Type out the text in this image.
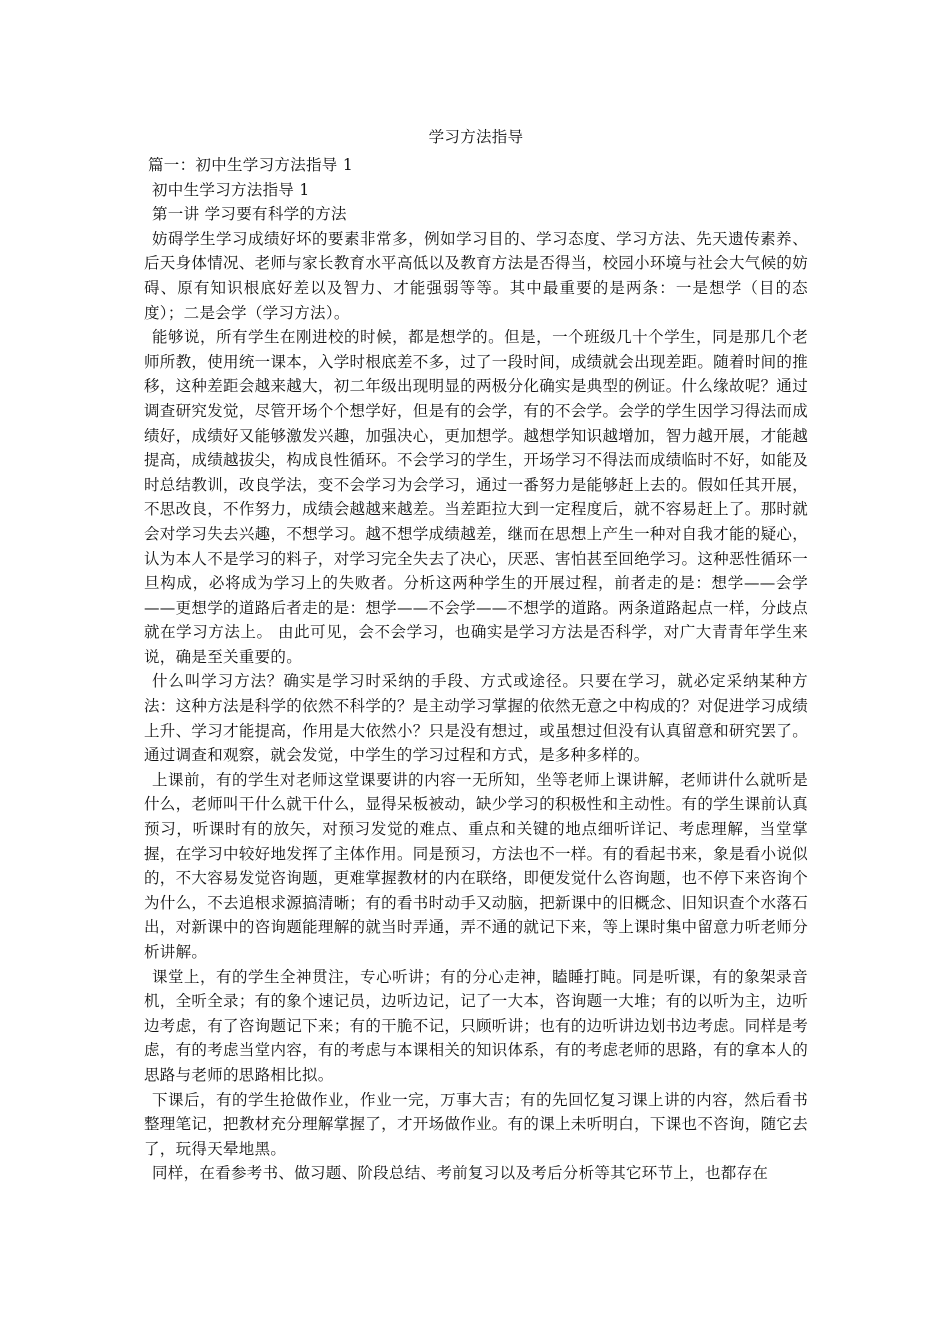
学习方法指导
篇一：初中生学习方法指导 1
初中生学习方法指导 1
第一讲 学习要有科学的方法

妨碍学生学习成绩好坏的要素非常多，例如学习目的、学习态度、学习方法、先天遗传素养、后天身体情况、老师与家长教育水平高低以及教育方法是否得当，校园小环境与社会大气候的妨碍、原有知识根底好差以及智力、才能强弱等等。其中最重要的是两条：一是想学（目的态度）；二是会学（学习方法）。

能够说，所有学生在刚进校的时候，都是想学的。但是，一个班级几十个学生，同是那几个老师所教，使用统一课本，入学时根底差不多，过了一段时间，成绩就会出现差距。随着时间的推移，这种差距会越来越大，初二年级出现明显的两极分化确实是典型的例证。什么缘故呢？通过调查研究发觉，尽管开场个个想学好，但是有的会学，有的不会学。会学的学生因学习得法而成绩好，成绩好又能够激发兴趣，加强决心，更加想学。越想学知识越增加，智力越开展，才能越提高，成绩越拔尖，构成良性循环。不会学习的学生，开场学习不得法而成绩临时不好，如能及时总结教训，改良学法，变不会学习为会学习，通过一番努力是能够赶上去的。假如任其开展，不思改良，不作努力，成绩会越越来越差。当差距拉大到一定程度后，就不容易赶上了。那时就会对学习失去兴趣，不想学习。越不想学成绩越差，继而在思想上产生一种对自我才能的疑心，认为本人不是学习的料子，对学习完全失去了决心，厌恶、害怕甚至回绝学习。这种恶性循环一旦构成，必将成为学习上的失败者。分析这两种学生的开展过程，前者走的是：想学——会学——更想学的道路后者走的是：想学——不会学——不想学的道路。两条道路起点一样，分歧点就在学习方法上。 由此可见，会不会学习，也确实是学习方法是否科学，对广大青青年学生来说，确是至关重要的。

什么叫学习方法？确实是学习时采纳的手段、方式或途径。只要在学习，就必定采纳某种方法：这种方法是科学的依然不科学的？是主动学习掌握的依然无意之中构成的？对促进学习成绩上升、学习才能提高，作用是大依然小？只是没有想过，或虽想过但没有认真留意和研究罢了。通过调查和观察，就会发觉，中学生的学习过程和方式，是多种多样的。

上课前，有的学生对老师这堂课要讲的内容一无所知，坐等老师上课讲解，老师讲什么就听是什么，老师叫干什么就干什么，显得呆板被动，缺少学习的积极性和主动性。有的学生课前认真预习，听课时有的放矢，对预习发觉的难点、重点和关键的地点细听详记、考虑理解，当堂掌握，在学习中较好地发挥了主体作用。同是预习，方法也不一样。有的看起书来，象是看小说似的，不大容易发觉咨询题，更难掌握教材的内在联络，即便发觉什么咨询题，也不停下来咨询个为什么，不去追根求源搞清晰；有的看书时动手又动脑，把新课中的旧概念、旧知识查个水落石出，对新课中的咨询题能理解的就当时弄通，弄不通的就记下来，等上课时集中留意力听老师分析讲解。

课堂上，有的学生全神贯注，专心听讲；有的分心走神，瞌睡打盹。同是听课，有的象架录音机，全听全录；有的象个速记员，边听边记，记了一大本，咨询题一大堆；有的以听为主，边听边考虑，有了咨询题记下来；有的干脆不记，只顾听讲；也有的边听讲边划书边考虑。同样是考虑，有的考虑当堂内容，有的考虑与本课相关的知识体系，有的考虑老师的思路，有的拿本人的思路与老师的思路相比拟。

下课后，有的学生抢做作业，作业一完，万事大吉；有的先回忆复习课上讲的内容，然后看书整理笔记，把教材充分理解掌握了，才开场做作业。有的课上未听明白，下课也不咨询，随它去了，玩得天晕地黑。

同样，在看参考书、做习题、阶段总结、考前复习以及考后分析等其它环节上，也都存在
